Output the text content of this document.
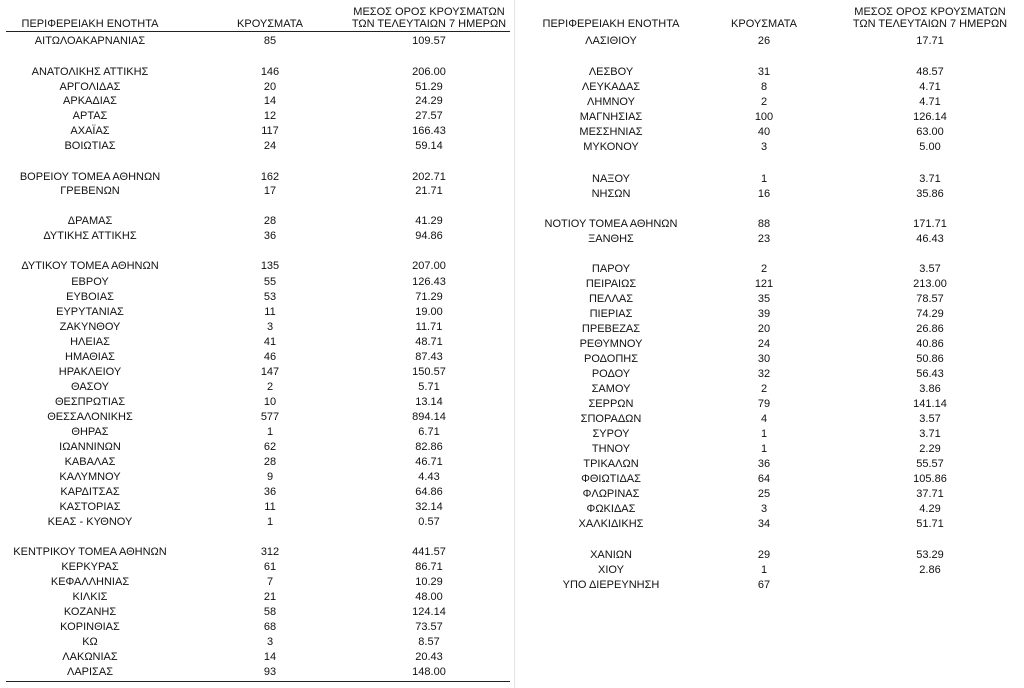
ΠΕΡΙΦΕΡΕΙΑΚΗ ΕΝΟΤΗΤΑ	ΚΡΟΥΣΜΑΤΑ
ΜΕΣΟΣ ΟΡΟΣ ΚΡΟΥΣΜΑΤΩΝ
ΤΩΝ ΤΕΛΕΥΤΑΙΩΝ 7 ΗΜΕΡΩΝ
ΑΙΤΩΛΟΑΚΑΡΝΑΝΙΑΣ	85	109.57
ΑΝΑΤΟΛΙΚΗΣ ΑΤΤΙΚΗΣ	146	206.00
ΑΡΓΟΛΙΔΑΣ	20	51.29
ΑΡΚΑΔΙΑΣ	14	24.29
ΑΡΤΑΣ	12	27.57
ΑΧΑΪΑΣ	117	166.43
ΒΟΙΩΤΙΑΣ	24	59.14
ΒΟΡΕΙΟΥ ΤΟΜΕΑ ΑΘΗΝΩΝ	162	202.71
ΓΡΕΒΕΝΩΝ	17	21.71
ΔΡΑΜΑΣ	28	41.29
ΔΥΤΙΚΗΣ ΑΤΤΙΚΗΣ	36	94.86
ΔΥΤΙΚΟΥ ΤΟΜΕΑ ΑΘΗΝΩΝ	135	207.00
ΕΒΡΟΥ	55	126.43
ΕΥΒΟΙΑΣ	53	71.29
ΕΥΡΥΤΑΝΙΑΣ	11	19.00
ΖΑΚΥΝΘΟΥ	3	11.71
ΗΛΕΙΑΣ	41	48.71
ΗΜΑΘΙΑΣ	46	87.43
ΗΡΑΚΛΕΙΟΥ	147	150.57
ΘΑΣΟΥ	2	5.71
ΘΕΣΠΡΩΤΙΑΣ	10	13.14
ΘΕΣΣΑΛΟΝΙΚΗΣ	577	894.14
ΘΗΡΑΣ	1	6.71
ΙΩΑΝΝΙΝΩΝ	62	82.86
ΚΑΒΑΛΑΣ	28	46.71
ΚΑΛΥΜΝΟΥ	9	4.43
ΚΑΡΔΙΤΣΑΣ	36	64.86
ΚΑΣΤΟΡΙΑΣ	11	32.14
ΚΕΑΣ - ΚΥΘΝΟΥ	1	0.57
ΚΕΝΤΡΙΚΟΥ ΤΟΜΕΑ ΑΘΗΝΩΝ	312	441.57
ΚΕΡΚΥΡΑΣ	61	86.71
ΚΕΦΑΛΛΗΝΙΑΣ	7	10.29
ΚΙΛΚΙΣ	21	48.00
ΚΟΖΑΝΗΣ	58	124.14
ΚΟΡΙΝΘΙΑΣ	68	73.57
ΚΩ	3	8.57
ΛΑΚΩΝΙΑΣ	14	20.43
ΛΑΡΙΣΑΣ	93	148.00
ΠΕΡΙΦΕΡΕΙΑΚΗ ΕΝΟΤΗΤΑ	ΚΡΟΥΣΜΑΤΑ
ΜΕΣΟΣ ΟΡΟΣ ΚΡΟΥΣΜΑΤΩΝ
ΤΩΝ ΤΕΛΕΥΤΑΙΩΝ 7 ΗΜΕΡΩΝ
ΛΑΣΙΘΙΟΥ	26	17.71
ΛΕΣΒΟΥ	31	48.57
ΛΕΥΚΑΔΑΣ	8	4.71
ΛΗΜΝΟΥ	2	4.71
ΜΑΓΝΗΣΙΑΣ	100	126.14
ΜΕΣΣΗΝΙΑΣ	40	63.00
ΜΥΚΟΝΟΥ	3	5.00
ΝΑΞΟΥ	1	3.71
ΝΗΣΩΝ	16	35.86
ΝΟΤΙΟΥ ΤΟΜΕΑ ΑΘΗΝΩΝ	88	171.71
ΞΑΝΘΗΣ	23	46.43
ΠΑΡΟΥ	2	3.57
ΠΕΙΡΑΙΩΣ	121	213.00
ΠΕΛΛΑΣ	35	78.57
ΠΙΕΡΙΑΣ	39	74.29
ΠΡΕΒΕΖΑΣ	20	26.86
ΡΕΘΥΜΝΟΥ	24	40.86
ΡΟΔΟΠΗΣ	30	50.86
ΡΟΔΟΥ	32	56.43
ΣΑΜΟΥ	2	3.86
ΣΕΡΡΩΝ	79	141.14
ΣΠΟΡΑΔΩΝ	4	3.57
ΣΥΡΟΥ	1	3.71
ΤΗΝΟΥ	1	2.29
ΤΡΙΚΑΛΩΝ	36	55.57
ΦΘΙΩΤΙΔΑΣ	64	105.86
ΦΛΩΡΙΝΑΣ	25	37.71
ΦΩΚΙΔΑΣ	3	4.29
ΧΑΛΚΙΔΙΚΗΣ	34	51.71
ΧΑΝΙΩΝ	29	53.29
ΧΙΟΥ	1	2.86
ΥΠΟ ΔΙΕΡΕΥΝΗΣΗ	67
